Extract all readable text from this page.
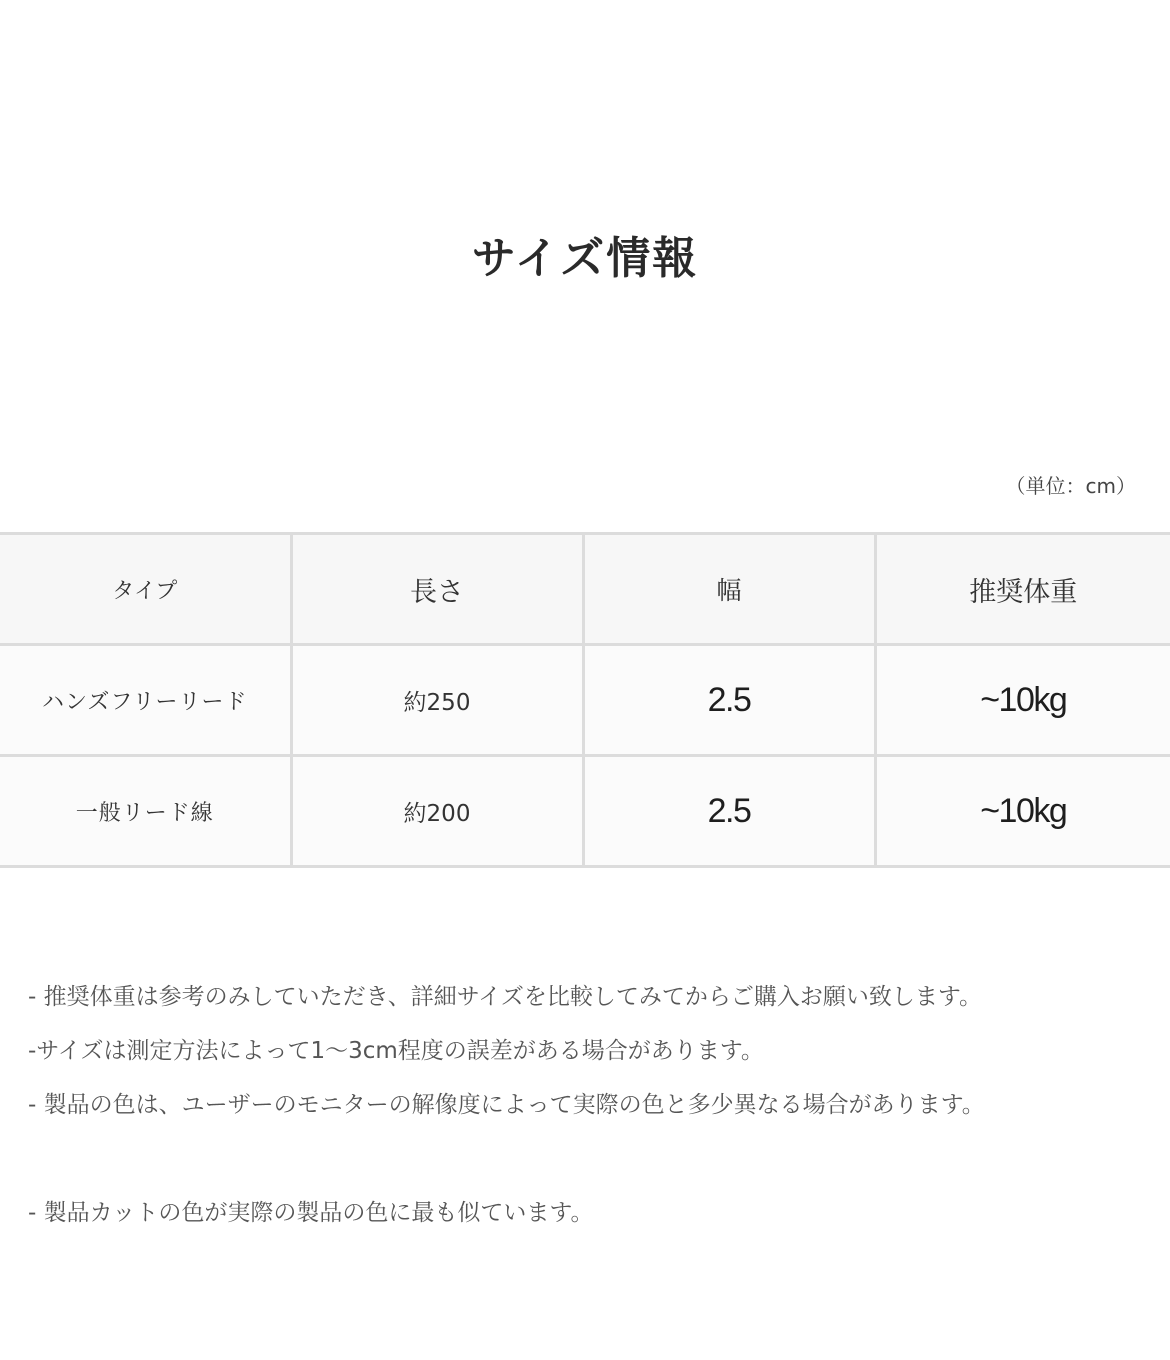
サイズ情報
（単位：cm）
タイプ	長さ	幅	推奨体重
ハンズフリーリード	約250	2.5	~10kg
一般リード線	約200	2.5	~10kg
- 推奨体重は参考のみしていただき、詳細サイズを比較してみてからご購入お願い致します。
-サイズは測定方法によって1～3cm程度の誤差がある場合があります。
- 製品の色は、ユーザーのモニターの解像度によって実際の色と多少異なる場合があります。
- 製品カットの色が実際の製品の色に最も似ています。
